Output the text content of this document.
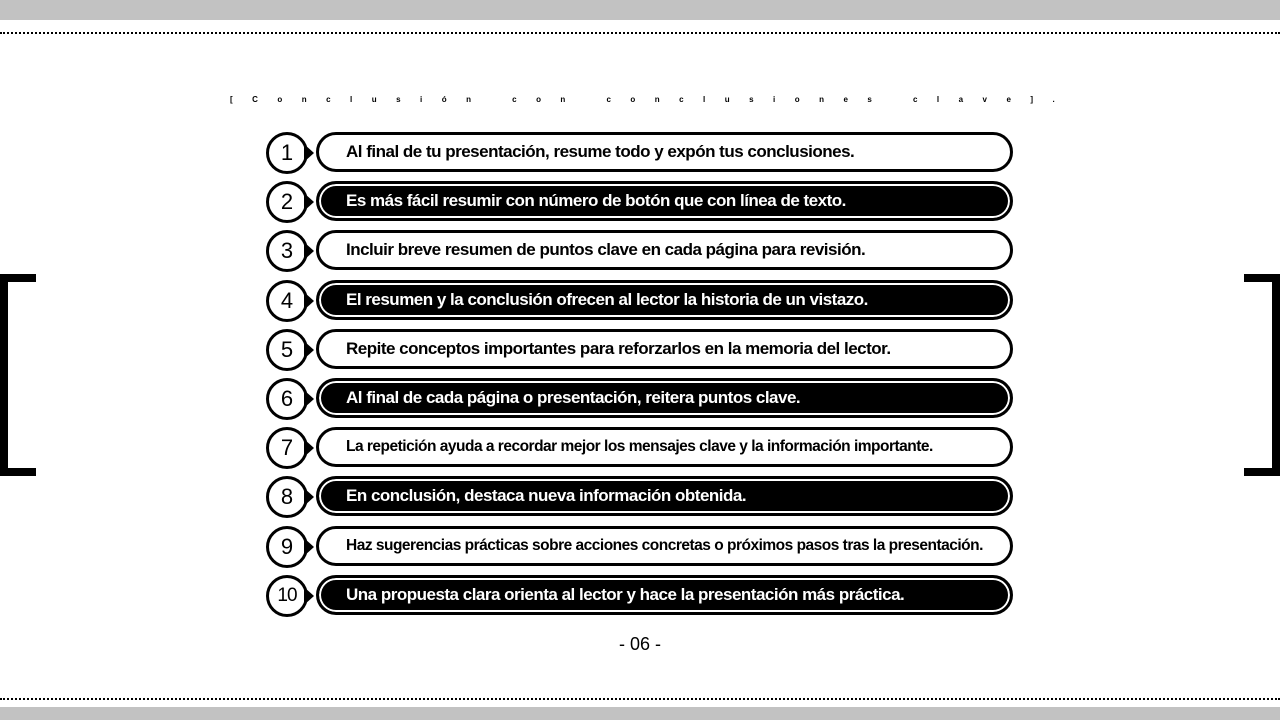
[ C o n c l u s i ó n
	c o n
	c o n c l u s i o n e s
	c l a v e ] .
1	Al final de tu presentación, resume todo y expón tus conclusiones.
2	Es más fácil resumir con número de botón que con línea de texto.
3	Incluir breve resumen de puntos clave en cada página para revisión.
4	El resumen y la conclusión ofrecen al lector la historia de un vistazo.
5	Repite conceptos importantes para reforzarlos en la memoria del lector.
6	Al final de cada página o presentación, reitera puntos clave.
7	La repetición ayuda a recordar mejor los mensajes clave y la información importante.
8	En conclusión, destaca nueva información obtenida.
9	Haz sugerencias prácticas sobre acciones concretas o próximos pasos tras la presentación.
10	Una propuesta clara orienta al lector y hace la presentación más práctica.
- 06 -
